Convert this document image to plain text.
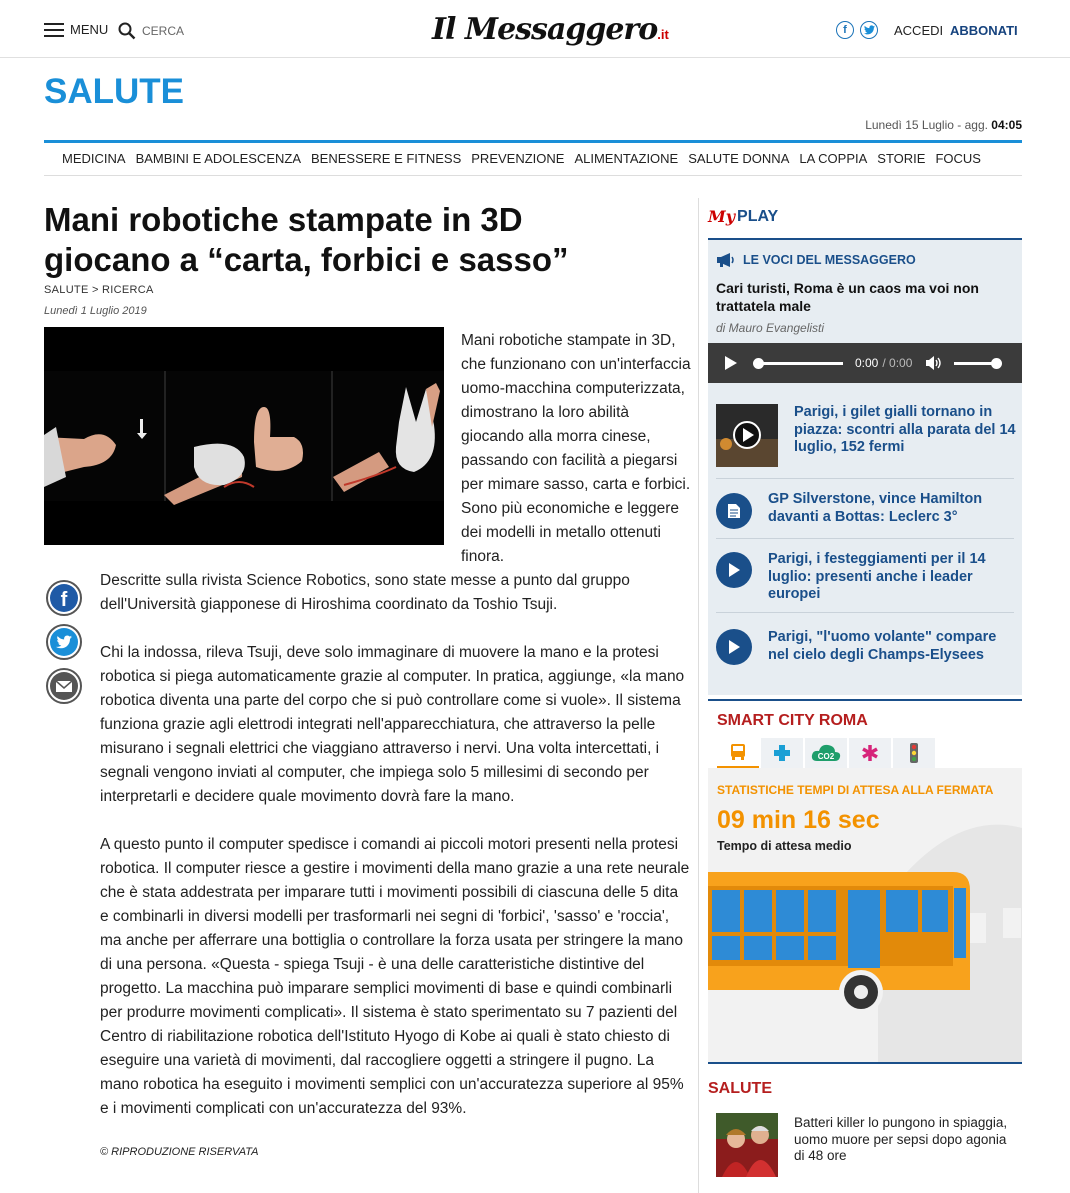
MENU	CERCA	Il Messaggero.it	f	ACCEDI ABBONATI
SALUTE
Lunedì 15 Luglio - agg. 04:05
MEDICINA BAMBINI E ADOLESCENZA BENESSERE E FITNESS PREVENZIONE ALIMENTAZIONE SALUTE DONNA LA COPPIA STORIE FOCUS
Mani robotiche stampate in 3D giocano a “carta, forbici e sasso”
SALUTE > RICERCA
Lunedì 1 Luglio 2019

Mani robotiche stampate in 3D, che funzionano con un'interfaccia uomo-macchina computerizzata, dimostrano la loro abilità giocando alla morra cinese, passando con facilità a piegarsi per mimare sasso, carta e forbici. Sono più economiche e leggere dei modelli in metallo ottenuti finora.

f

Descritte sulla rivista Science Robotics, sono state messe a punto dal gruppo dell'Università giapponese di Hiroshima coordinato da Toshio Tsuji.

Chi la indossa, rileva Tsuji, deve solo immaginare di muovere la mano e la protesi robotica si piega automaticamente grazie al computer. In pratica, aggiunge, «la mano robotica diventa una parte del corpo che si può controllare come si vuole». Il sistema funziona grazie agli elettrodi integrati nell'apparecchiatura, che attraverso la pelle misurano i segnali elettrici che viaggiano attraverso i nervi. Una volta intercettati, i segnali vengono inviati al computer, che impiega solo 5 millesimi di secondo per interpretarli e decidere quale movimento dovrà fare la mano.

A questo punto il computer spedisce i comandi ai piccoli motori presenti nella protesi robotica. Il computer riesce a gestire i movimenti della mano grazie a una rete neurale che è stata addestrata per imparare tutti i movimenti possibili di ciascuna delle 5 dita e combinarli in diversi modelli per trasformarli nei segni di 'forbici', 'sasso' e 'roccia', ma anche per afferrare una bottiglia o controllare la forza usata per stringere la mano di una persona. «Questa - spiega Tsuji - è una delle caratteristiche distintive del progetto. La macchina può imparare semplici movimenti di base e quindi combinarli per produrre movimenti complicati». Il sistema è stato sperimentato su 7 pazienti del Centro di riabilitazione robotica dell'Istituto Hyogo di Kobe ai quali è stato chiesto di eseguire una varietà di movimenti, dal raccogliere oggetti a stringere il pugno. La mano robotica ha eseguito i movimenti semplici con un'accuratezza superiore al 95% e i movimenti complicati con un'accuratezza del 93%.

© RIPRODUZIONE RISERVATA
My PLAY
LE VOCI DEL MESSAGGERO
Cari turisti, Roma è un caos ma voi non trattatela male
di Mauro Evangelisti
0:00 / 0:00
Parigi, i gilet gialli tornano in piazza: scontri alla parata del 14 luglio, 152 fermi
GP Silverstone, vince Hamilton davanti a Bottas: Leclerc 3°
Parigi, i festeggiamenti per il 14 luglio: presenti anche i leader europei
Parigi, "l'uomo volante" compare nel cielo degli Champs-Elysees
SMART CITY ROMA
CO2
STATISTICHE TEMPI DI ATTESA ALLA FERMATA
09 min 16 sec
Tempo di attesa medio
SALUTE
Batteri killer lo pungono in spiaggia, uomo muore per sepsi dopo agonia di 48 ore
